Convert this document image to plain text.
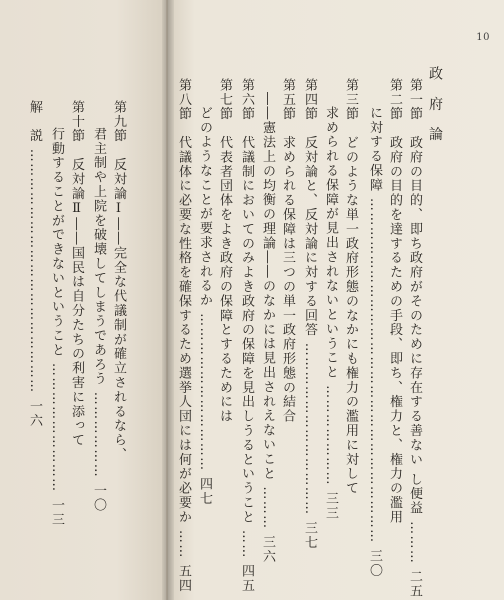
10
政 府 論
第一節　政府の目的、即ち政府がそのために存在する善ない し便益 ……… 二五
第二節　政府の目的を達するための手段、即ち、権力と、権力の濫用
に対する保障 ……………………………………………………………… 三〇
第三節　どのような単一政府形態のなかにも権力の濫用に対して
求められる保障が見出されないということ ………………… 三三
第四節　反対論と、反対論に対する回答 ……………………………… 三七
第五節　求められる保障は三つの単一政府形態の結合
――憲法上の均衡の理論――のなかには見出されえないこと ……… 三六
第六節　代議制においてのみよき政府の保障を見出しうるということ …… 四五
第七節　代表者団体をよき政府の保障とするためには
どのようなことが要求されるか …………………………… 四七
第八節　代議体に必要な性格を確保するため選挙人団には何が必要か …… 五四
第九節　反対論Ⅰ――完全な代議制が確立されるなら、
君主制や上院を破壊してしまうであろう ……………… 一〇
第十節　反対論Ⅱ――国民は自分たちの利害に添って
行動することができないということ ……………………… 一三
解　説 …………………………………………… 一六
